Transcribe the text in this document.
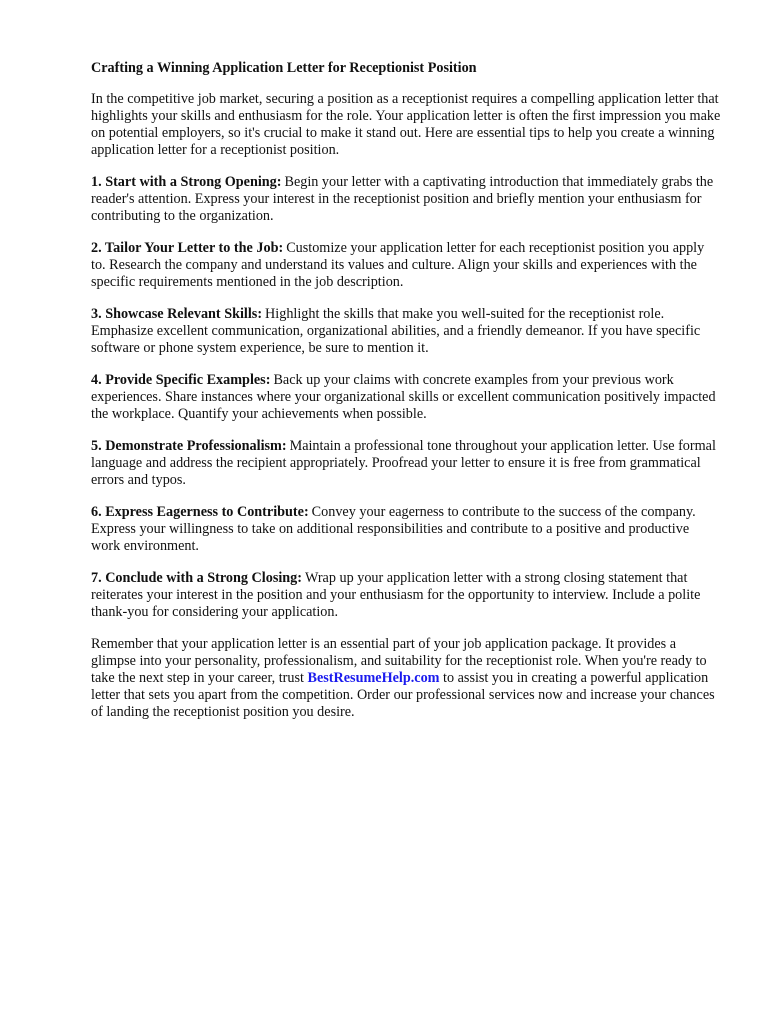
Crafting a Winning Application Letter for Receptionist Position

In the competitive job market, securing a position as a receptionist requires a compelling application letter that highlights your skills and enthusiasm for the role. Your application letter is often the first impression you make on potential employers, so it's crucial to make it stand out. Here are essential tips to help you create a winning application letter for a receptionist position.

1. Start with a Strong Opening: Begin your letter with a captivating introduction that immediately grabs the reader's attention. Express your interest in the receptionist position and briefly mention your enthusiasm for contributing to the organization.

2. Tailor Your Letter to the Job: Customize your application letter for each receptionist position you apply to. Research the company and understand its values and culture. Align your skills and experiences with the specific requirements mentioned in the job description.

3. Showcase Relevant Skills: Highlight the skills that make you well-suited for the receptionist role. Emphasize excellent communication, organizational abilities, and a friendly demeanor. If you have specific software or phone system experience, be sure to mention it.

4. Provide Specific Examples: Back up your claims with concrete examples from your previous work experiences. Share instances where your organizational skills or excellent communication positively impacted the workplace. Quantify your achievements when possible.

5. Demonstrate Professionalism: Maintain a professional tone throughout your application letter. Use formal language and address the recipient appropriately. Proofread your letter to ensure it is free from grammatical errors and typos.

6. Express Eagerness to Contribute: Convey your eagerness to contribute to the success of the company. Express your willingness to take on additional responsibilities and contribute to a positive and productive work environment.

7. Conclude with a Strong Closing: Wrap up your application letter with a strong closing statement that reiterates your interest in the position and your enthusiasm for the opportunity to interview. Include a polite thank-you for considering your application.

Remember that your application letter is an essential part of your job application package. It provides a glimpse into your personality, professionalism, and suitability for the receptionist role. When you're ready to take the next step in your career, trust BestResumeHelp.com to assist you in creating a powerful application letter that sets you apart from the competition. Order our professional services now and increase your chances of landing the receptionist position you desire.
